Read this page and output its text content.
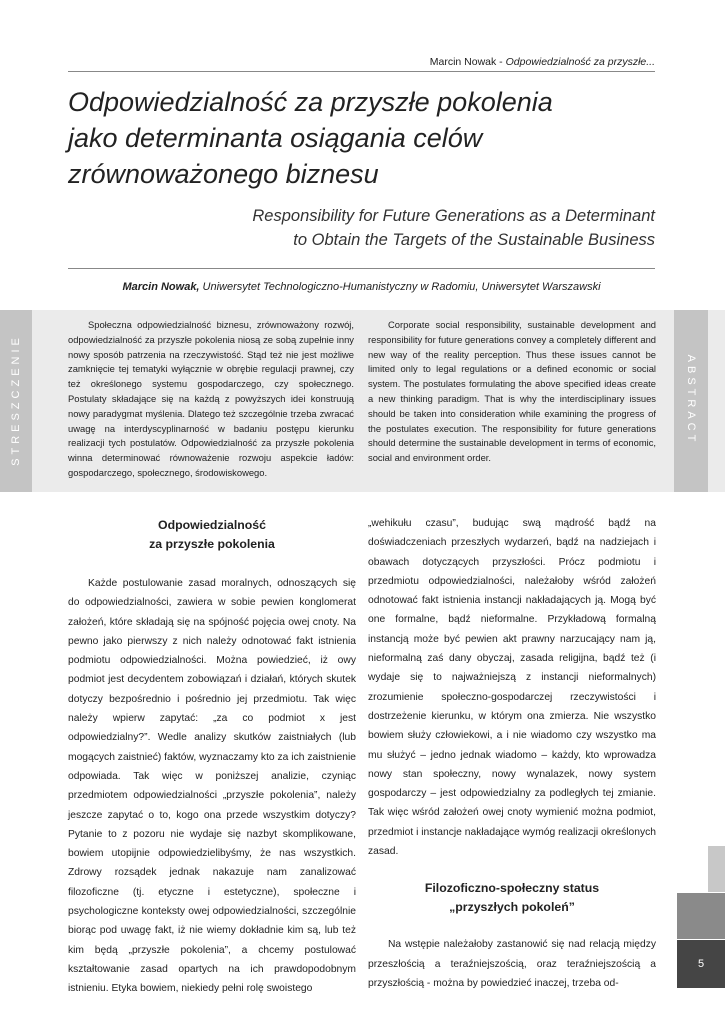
Marcin Nowak - Odpowiedzialność za przyszłe...
Odpowiedzialność za przyszłe pokolenia
jako determinanta osiągania celów
zrównoważonego biznesu
Responsibility for Future Generations as a Determinant
to Obtain the Targets of the Sustainable Business
Marcin Nowak, Uniwersytet Technologiczno-Humanistyczny w Radomiu, Uniwersytet Warszawski
STRESZCZENIE	ABSTRACT

Społeczna odpowiedzialność biznesu, zrównoważony rozwój, odpowiedzialność za przyszłe pokolenia niosą ze sobą zupełnie inny nowy sposób patrzenia na rzeczywistość. Stąd też nie jest możliwe zamknięcie tej tematyki wyłącznie w obrębie regulacji prawnej, czy też określonego systemu gospodarczego, czy społecznego. Postulaty składające się na każdą z powyższych idei konstruują nowy paradygmat myślenia. Dlatego też szczególnie trzeba zwracać uwagę na interdyscyplinarność w badaniu postępu kierunku realizacji tych postulatów. Odpowiedzialność za przyszłe pokolenia winna determinować równoważenie rozwoju aspekcie ładów: gospodarczego, społecznego, środowiskowego.

Corporate social responsibility, sustainable development and responsibility for future generations convey a completely different and new way of the reality perception. Thus these issues cannot be limited only to legal regulations or a defined economic or social system. The postulates formulating the above specified ideas create a new thinking paradigm. That is why the interdisciplinary issues should be taken into consideration while examining the progress of the postulates execution. The responsibility for future generations should determine the sustainable development in terms of economic, social and environment order.

Odpowiedzialność
za przyszłe pokolenia

Każde postulowanie zasad moralnych, odnoszących się do odpowiedzialności, zawiera w sobie pewien konglomerat założeń, które składają się na spójność pojęcia owej cnoty. Na pewno jako pierwszy z nich należy odnotować fakt istnienia podmiotu odpowiedzialności. Można powiedzieć, iż owy podmiot jest decydentem zobowiązań i działań, których skutek dotyczy bezpośrednio i pośrednio jej przedmiotu. Tak więc należy wpierw zapytać: „za co podmiot x jest odpowiedzialny?”. Wedle analizy skutków zaistniałych (lub mogących zaistnieć) faktów, wyznaczamy kto za ich zaistnienie odpowiada. Tak więc w poniższej analizie, czyniąc przedmiotem odpowiedzialności „przyszłe pokolenia”, należy jeszcze zapytać o to, kogo ona przede wszystkim dotyczy? Pytanie to z pozoru nie wydaje się nazbyt skomplikowane, bowiem utopijnie odpowiedzielibyśmy, że nas wszystkich. Zdrowy rozsądek jednak nakazuje nam zanalizować filozoficzne (tj. etyczne i estetyczne), społeczne i psychologiczne konteksty owej odpowiedzialności, szczególnie biorąc pod uwagę fakt, iż nie wiemy dokładnie kim są, lub też kim będą „przyszłe pokolenia”, a chcemy postulować kształtowanie zasad opartych na ich prawdopodobnym istnieniu. Etyka bowiem, niekiedy pełni rolę swoistego

„wehikułu czasu”, budując swą mądrość bądź na doświadczeniach przeszłych wydarzeń, bądź na nadziejach i obawach dotyczących przyszłości. Prócz podmiotu i przedmiotu odpowiedzialności, należałoby wśród założeń odnotować fakt istnienia instancji nakładających ją. Mogą być one formalne, bądź nieformalne. Przykładową formalną instancją może być pewien akt prawny narzucający nam ją, nieformalną zaś dany obyczaj, zasada religijna, bądź też (i wydaje się to najważniejszą z instancji nieformalnych) zrozumienie społeczno-gospodarczej rzeczywistości i dostrzeżenie kierunku, w którym ona zmierza. Nie wszystko bowiem służy człowiekowi, a i nie wiadomo czy wszystko ma mu służyć – jedno jednak wiadomo – każdy, kto wprowadza nowy stan społeczny, nowy wynalazek, nowy system gospodarczy – jest odpowiedzialny za podległych tej zmianie. Tak więc wśród założeń owej cnoty wymienić można podmiot, przedmiot i instancje nakładające wymóg realizacji określonych zasad.

Filozoficzno-społeczny status
„przyszłych pokoleń”

Na wstępie należałoby zastanowić się nad relacją między przeszłością a teraźniejszością, oraz teraźniejszością a przyszłością - można by powiedzieć inaczej, trzeba od-

5
